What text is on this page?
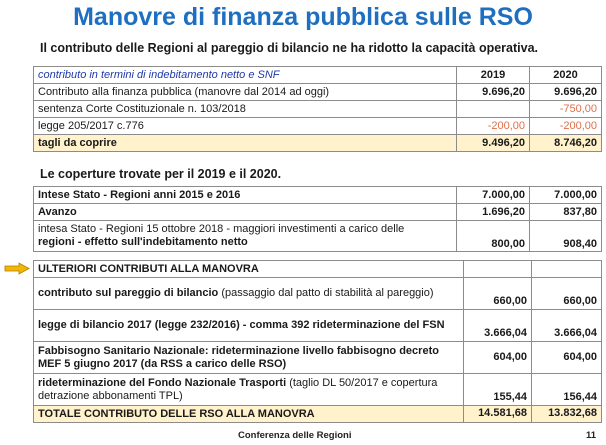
Manovre di finanza pubblica sulle RSO
Il contributo delle Regioni al pareggio di bilancio ne ha ridotto la capacità operativa.
contributo in termini di indebitamento netto e SNF	2019	2020
Contributo alla finanza pubblica (manovre dal 2014 ad oggi)	9.696,20	9.696,20
sentenza Corte Costituzionale n. 103/2018		-750,00
legge 205/2017 c.776	-200,00	-200,00
tagli da coprire	9.496,20	8.746,20
Le coperture trovate per il 2019 e il 2020.
Intese Stato - Regioni anni 2015 e 2016	7.000,00	7.000,00
Avanzo	1.696,20	837,80
intesa Stato - Regioni 15 ottobre 2018 - maggiori investimenti a carico delle
regioni - effetto sull'indebitamento netto	800,00	908,40
ULTERIORI CONTRIBUTI ALLA MANOVRA		
contributo sul pareggio di bilancio (passaggio dal patto di stabilità al pareggio)	660,00	660,00
legge di bilancio 2017 (legge 232/2016) - comma 392 rideterminazione del FSN	3.666,04	3.666,04
Fabbisogno Sanitario Nazionale: rideterminazione livello fabbisogno decreto MEF 5 giugno 2017 (da RSS a carico delle RSO)	604,00	604,00
rideterminazione del Fondo Nazionale Trasporti (taglio DL 50/2017 e copertura detrazione abbonamenti TPL)	155,44	156,44
TOTALE CONTRIBUTO DELLE RSO ALLA MANOVRA	14.581,68	13.832,68
Conferenza delle Regioni	11
